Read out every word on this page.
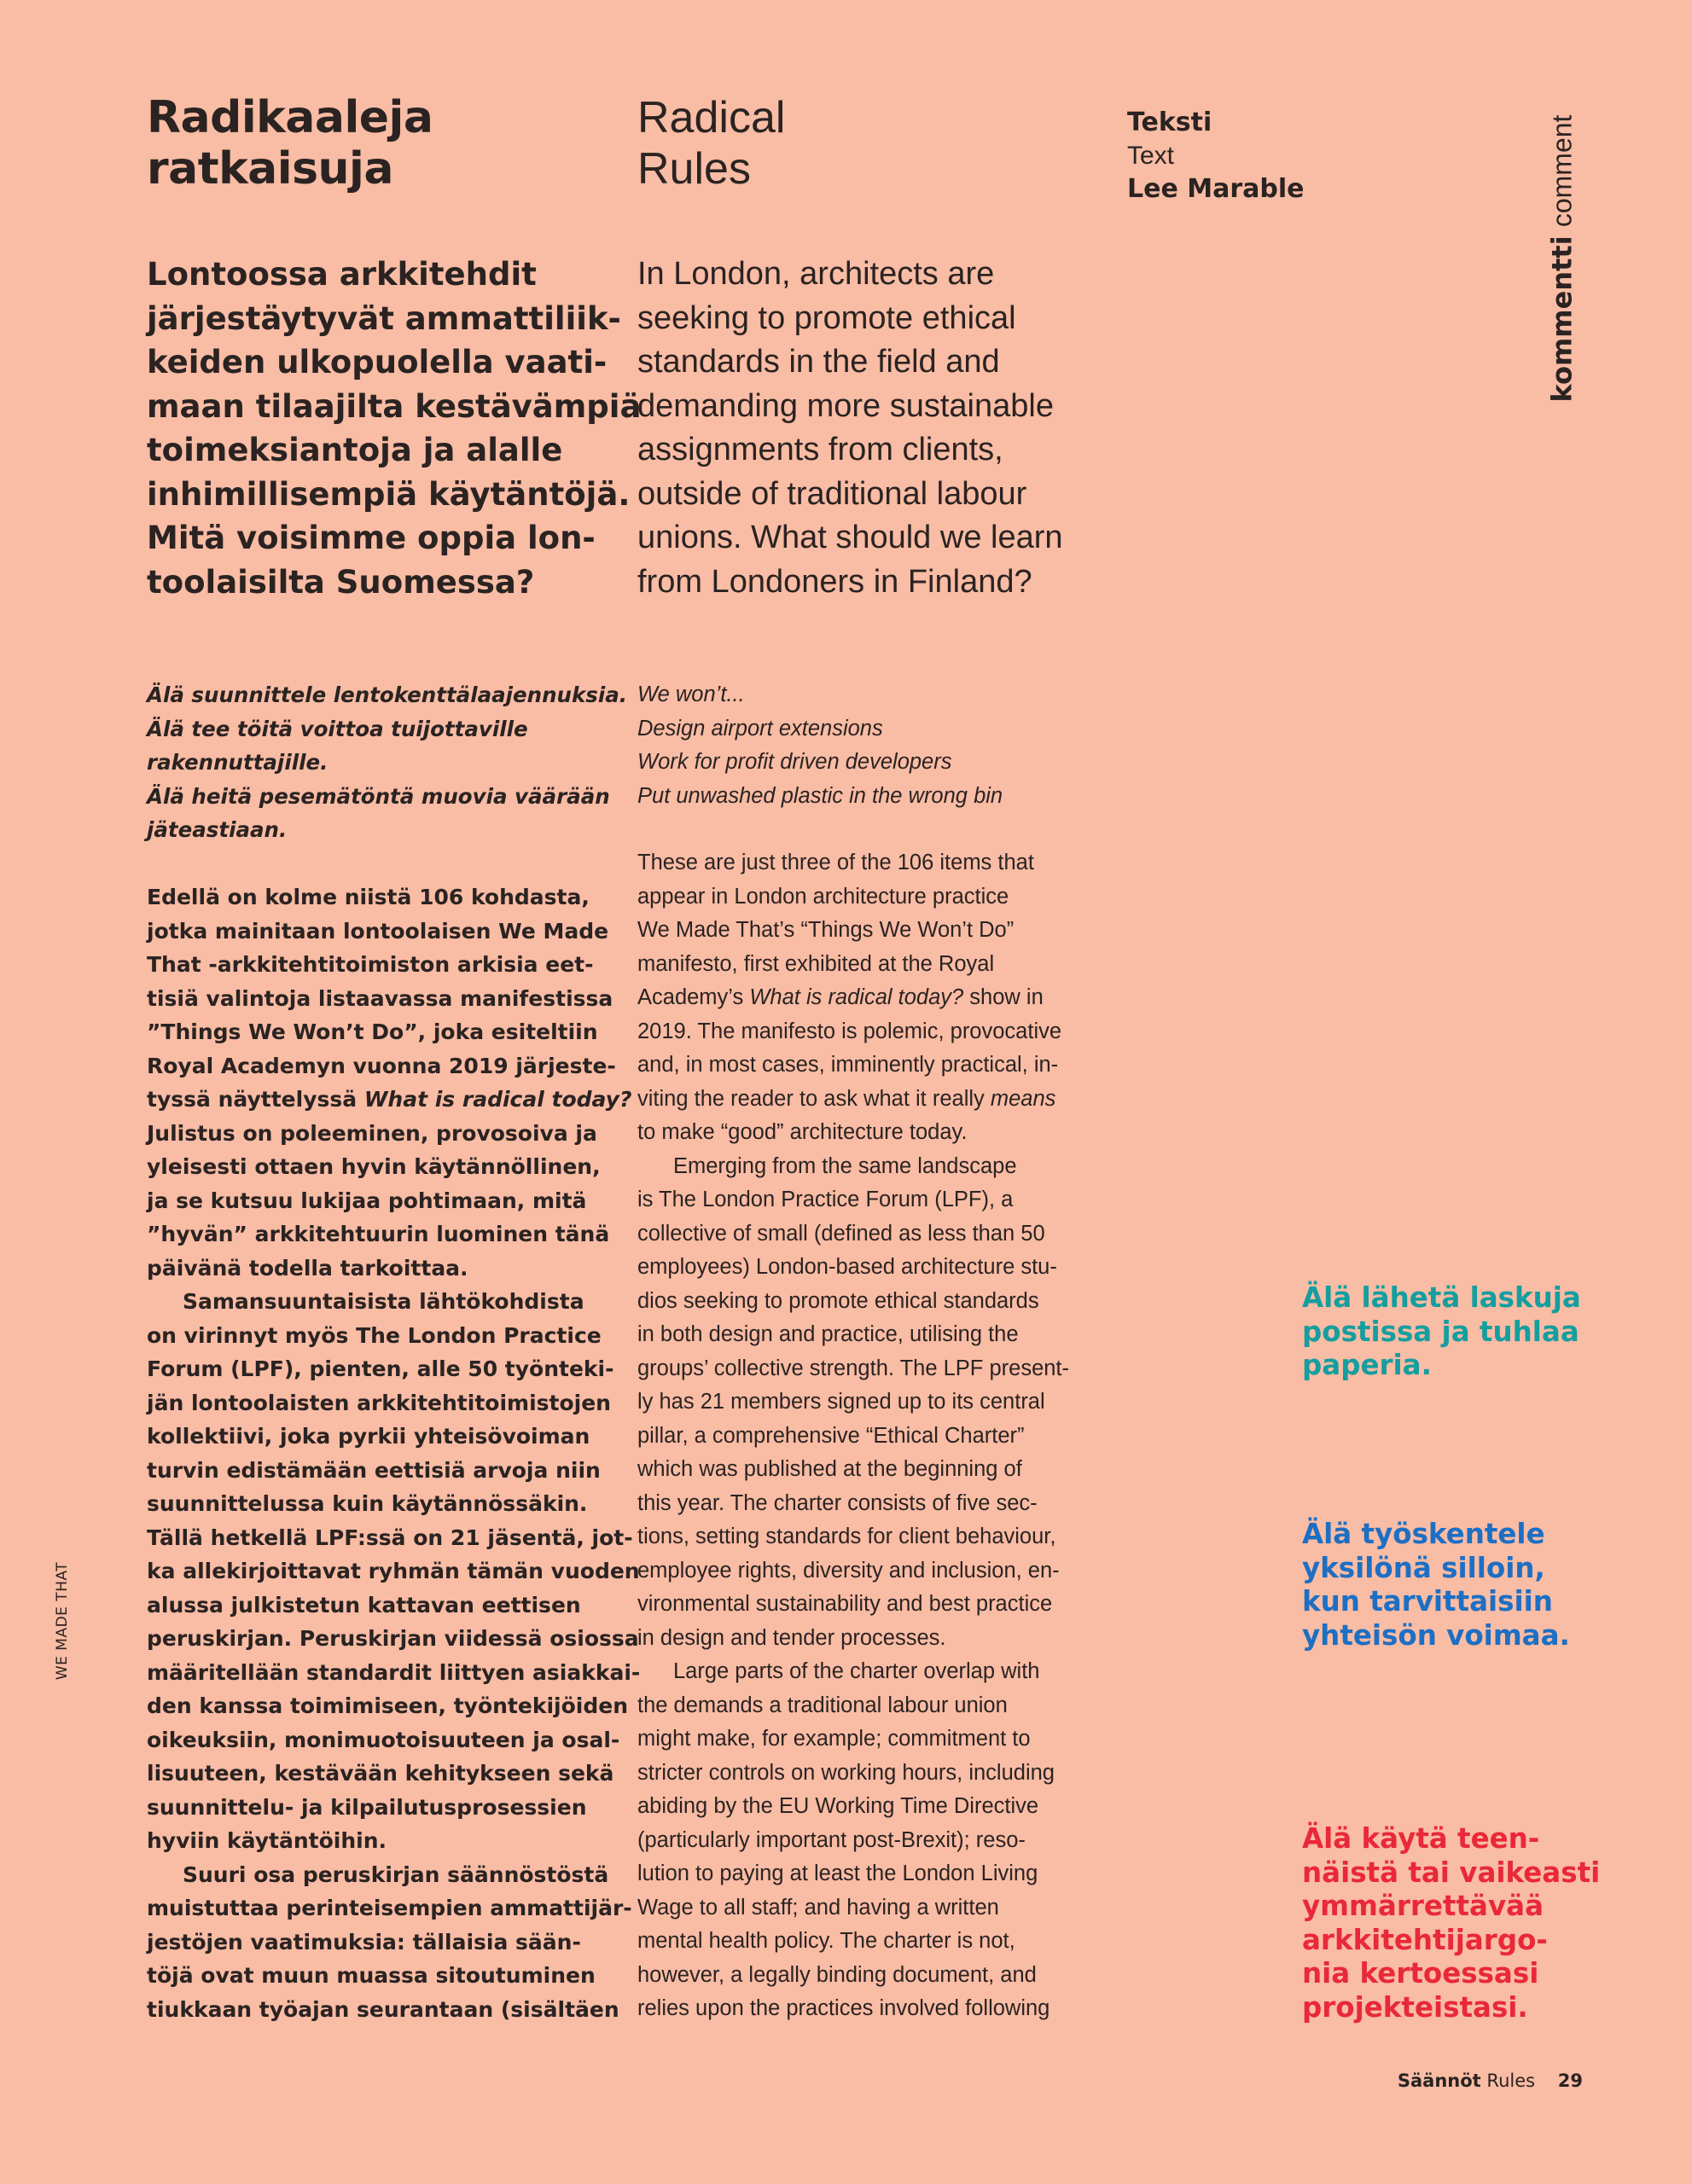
Radikaaleja
ratkaisuja
Radical
Rules
Teksti
Text
Lee Marable
kommentti comment
Lontoossa arkkitehdit
järjestäytyvät ammattiliik-
keiden ulkopuolella vaati-
maan tilaajilta kestävämpiä
toimeksiantoja ja alalle
inhimillisempiä käytäntöjä.
Mitä voisimme oppia lon-
toolaisilta Suomessa?
In London, architects are
seeking to promote ethical
standards in the field and
demanding more sustainable
assignments from clients,
outside of traditional labour
unions. What should we learn
from Londoners in Finland?
Älä suunnittele lentokenttälaajennuksia.
Älä tee töitä voittoa tuijottaville
rakennuttajille.
Älä heitä pesemätöntä muovia väärään
jäteastiaan.
We won’t...
Design airport extensions
Work for profit driven developers
Put unwashed plastic in the wrong bin
Edellä on kolme niistä 106 kohdasta,
jotka mainitaan lontoolaisen We Made
That -arkkitehtitoimiston arkisia eet-
tisiä valintoja listaavassa manifestissa
”Things We Won’t Do”, joka esiteltiin
Royal Academyn vuonna 2019 järjeste-
tyssä näyttelyssä What is radical today?
Julistus on poleeminen, provosoiva ja
yleisesti ottaen hyvin käytännöllinen,
ja se kutsuu lukijaa pohtimaan, mitä
”hyvän” arkkitehtuurin luominen tänä
päivänä todella tarkoittaa.
Samansuuntaisista lähtökohdista
on virinnyt myös The London Practice
Forum (LPF), pienten, alle 50 työnteki-
jän lontoolaisten arkkitehtitoimistojen
kollektiivi, joka pyrkii yhteisövoiman
turvin edistämään eettisiä arvoja niin
suunnittelussa kuin käytännössäkin.
Tällä hetkellä LPF:ssä on 21 jäsentä, jot-
ka allekirjoittavat ryhmän tämän vuoden
alussa julkistetun kattavan eettisen
peruskirjan. Peruskirjan viidessä osiossa
määritellään standardit liittyen asiakkai-
den kanssa toimimiseen, työntekijöiden
oikeuksiin, monimuotoisuuteen ja osal-
lisuuteen, kestävään kehitykseen sekä
suunnittelu- ja kilpailutusprosessien
hyviin käytäntöihin.
Suuri osa peruskirjan säännöstöstä
muistuttaa perinteisempien ammattijär-
jestöjen vaatimuksia: tällaisia sään-
töjä ovat muun muassa sitoutuminen
tiukkaan työajan seurantaan (sisältäen
These are just three of the 106 items that
appear in London architecture practice
We Made That’s “Things We Won’t Do”
manifesto, first exhibited at the Royal
Academy’s What is radical today? show in
2019. The manifesto is polemic, provocative
and, in most cases, imminently practical, in-
viting the reader to ask what it really means
to make “good” architecture today.
Emerging from the same landscape
is The London Practice Forum (LPF), a
collective of small (defined as less than 50
employees) London-based architecture stu-
dios seeking to promote ethical standards
in both design and practice, utilising the
groups’ collective strength. The LPF present-
ly has 21 members signed up to its central
pillar, a comprehensive “Ethical Charter”
which was published at the beginning of
this year. The charter consists of five sec-
tions, setting standards for client behaviour,
employee rights, diversity and inclusion, en-
vironmental sustainability and best practice
in design and tender processes.
Large parts of the charter overlap with
the demands a traditional labour union
might make, for example; commitment to
stricter controls on working hours, including
abiding by the EU Working Time Directive
(particularly important post-Brexit); reso-
lution to paying at least the London Living
Wage to all staff; and having a written
mental health policy. The charter is not,
however, a legally binding document, and
relies upon the practices involved following
Älä lähetä laskuja
postissa ja tuhlaa
paperia.
Älä työskentele
yksilönä silloin,
kun tarvittaisiin
yhteisön voimaa.
Älä käytä teen-
näistä tai vaikeasti
ymmärrettävää
arkkitehtijargo-
nia kertoessasi
projekteistasi.
WE MADE THAT
Säännöt Rules 29
